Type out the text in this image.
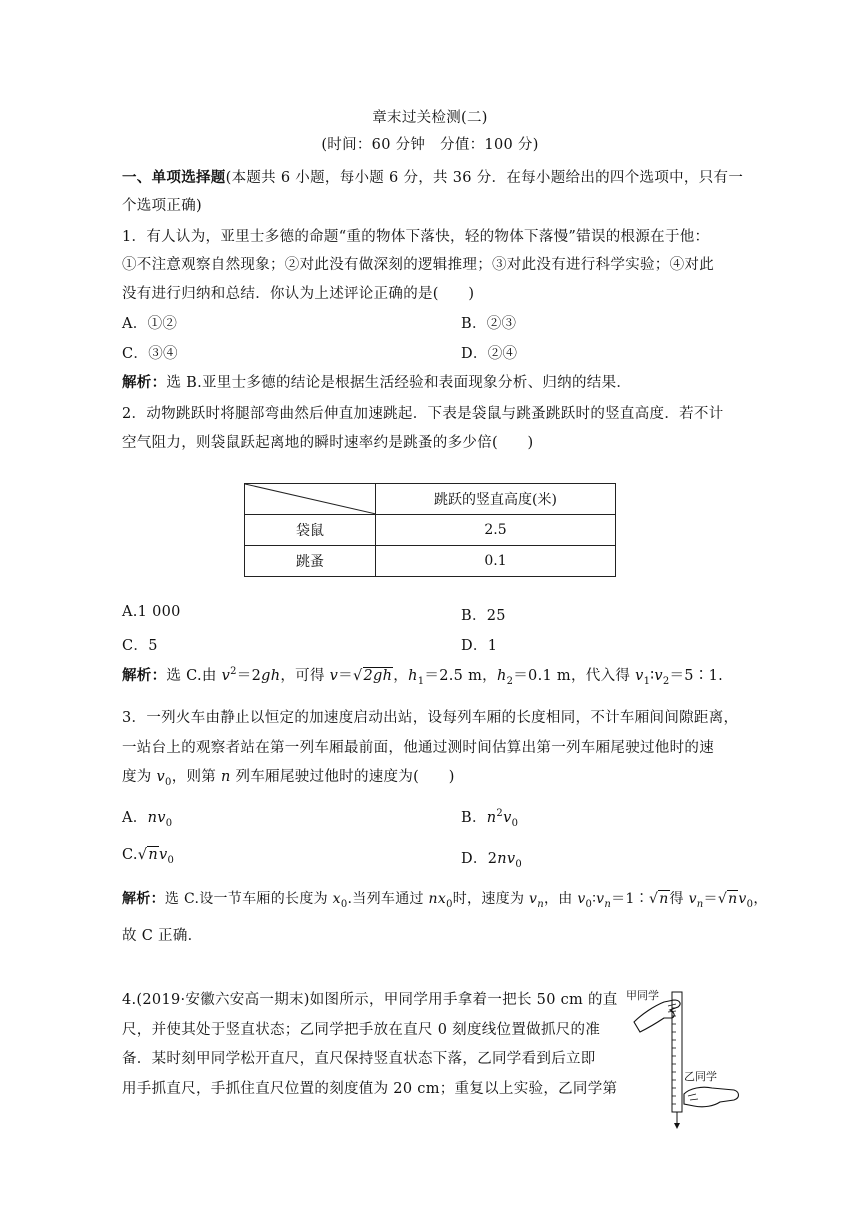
章末过关检测(二)
(时间：60 分钟　分值：100 分)
一、单项选择题(本题共 6 小题，每小题 6 分，共 36 分．在每小题给出的四个选项中，只有一
个选项正确)
1．有人认为，亚里士多德的命题“重的物体下落快，轻的物体下落慢”错误的根源在于他：
①不注意观察自然现象；②对此没有做深刻的逻辑推理；③对此没有进行科学实验；④对此
没有进行归纳和总结．你认为上述评论正确的是(　　)
A．①②	B．②③
C．③④	D．②④
解析：选 B.亚里士多德的结论是根据生活经验和表面现象分析、归纳的结果．
2．动物跳跃时将腿部弯曲然后伸直加速跳起．下表是袋鼠与跳蚤跳跃时的竖直高度．若不计
空气阻力，则袋鼠跃起离地的瞬时速率约是跳蚤的多少倍(　　)
	跳跃的竖直高度(米)
袋鼠	2.5
跳蚤	0.1
A.1 000	B．25
C．5	D．1
解析：选 C.由 $v^2=2gh$，可得 v＝√2gh，$h_1=2.5$ m，$h_2=0.1$ m，代入得 $v_1∶v_2=5∶1$.
3．一列火车由静止以恒定的加速度启动出站，设每列车厢的长度相同，不计车厢间间隙距离，
一站台上的观察者站在第一列车厢最前面，他通过测时间估算出第一列车厢尾驶过他时的速
度为 $v_0$，则第 n 列车厢尾驶过他时的速度为(　　)
A．$nv_0$	B．$n^2v_0$
$C.√nv_0$	D．$2nv_0$
解析：选 C.设一节车厢的长度为 $x_0$.当列车通过 $nx_0$时，速度为 $v_n$，由 $v_0∶v_n=1∶√n$得 $v_n=√nv_0$，
故 C 正确．
4.(2019·安徽六安高一期末)如图所示，甲同学用手拿着一把长 50 cm 的直
尺，并使其处于竖直状态；乙同学把手放在直尺 0 刻度线位置做抓尺的准
备．某时刻甲同学松开直尺，直尺保持竖直状态下落，乙同学看到后立即
用手抓直尺，手抓住直尺位置的刻度值为 20 cm；重复以上实验，乙同学第
甲同学
乙同学
